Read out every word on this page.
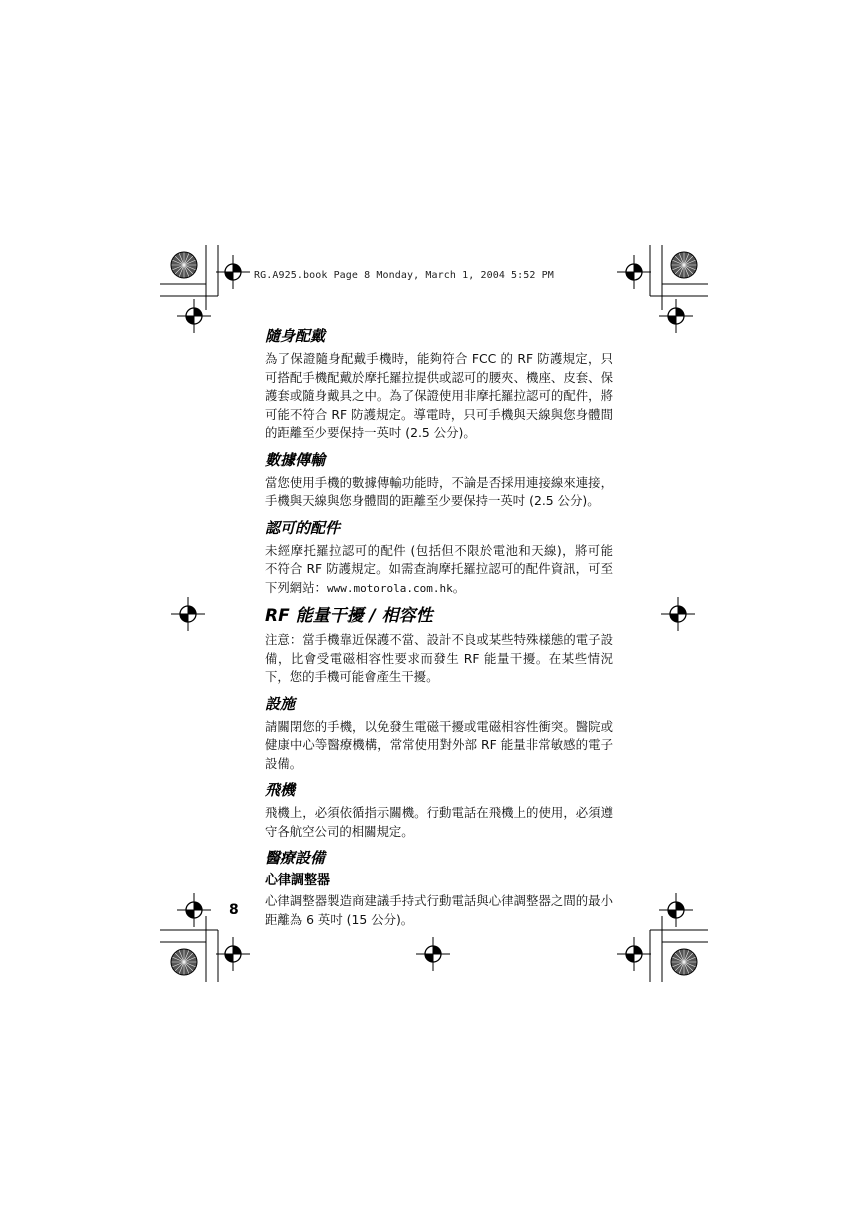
RG.A925.book Page 8 Monday, March 1, 2004 5:52 PM
隨身配戴

為了保證隨身配戴手機時，能夠符合 FCC 的 RF 防護規定，只可搭配手機配戴於摩托羅拉提供或認可的腰夾、機座、皮套、保護套或隨身戴具之中。為了保證使用非摩托羅拉認可的配件，將可能不符合 RF 防護規定。導電時，只可手機與天線與您身體間的距離至少要保持一英吋 (2.5 公分)。

數據傳輸

當您使用手機的數據傳輸功能時，不論是否採用連接線來連接，手機與天線與您身體間的距離至少要保持一英吋 (2.5 公分)。

認可的配件

未經摩托羅拉認可的配件 (包括但不限於電池和天線)，將可能不符合 RF 防護規定。如需查詢摩托羅拉認可的配件資訊，可至下列網站：www.motorola.com.hk。

RF 能量干擾 / 相容性

注意：當手機靠近保護不當、設計不良或某些特殊樣態的電子設備，比會受電磁相容性要求而發生 RF 能量干擾。在某些情況下，您的手機可能會產生干擾。

設施

請關閉您的手機，以免發生電磁干擾或電磁相容性衝突。醫院或健康中心等醫療機構，常常使用對外部 RF 能量非常敏感的電子設備。

飛機

飛機上，必須依循指示關機。行動電話在飛機上的使用，必須遵守各航空公司的相關規定。

醫療設備
心律調整器

心律調整器製造商建議手持式行動電話與心律調整器之間的最小距離為 6 英吋 (15 公分)。

8
